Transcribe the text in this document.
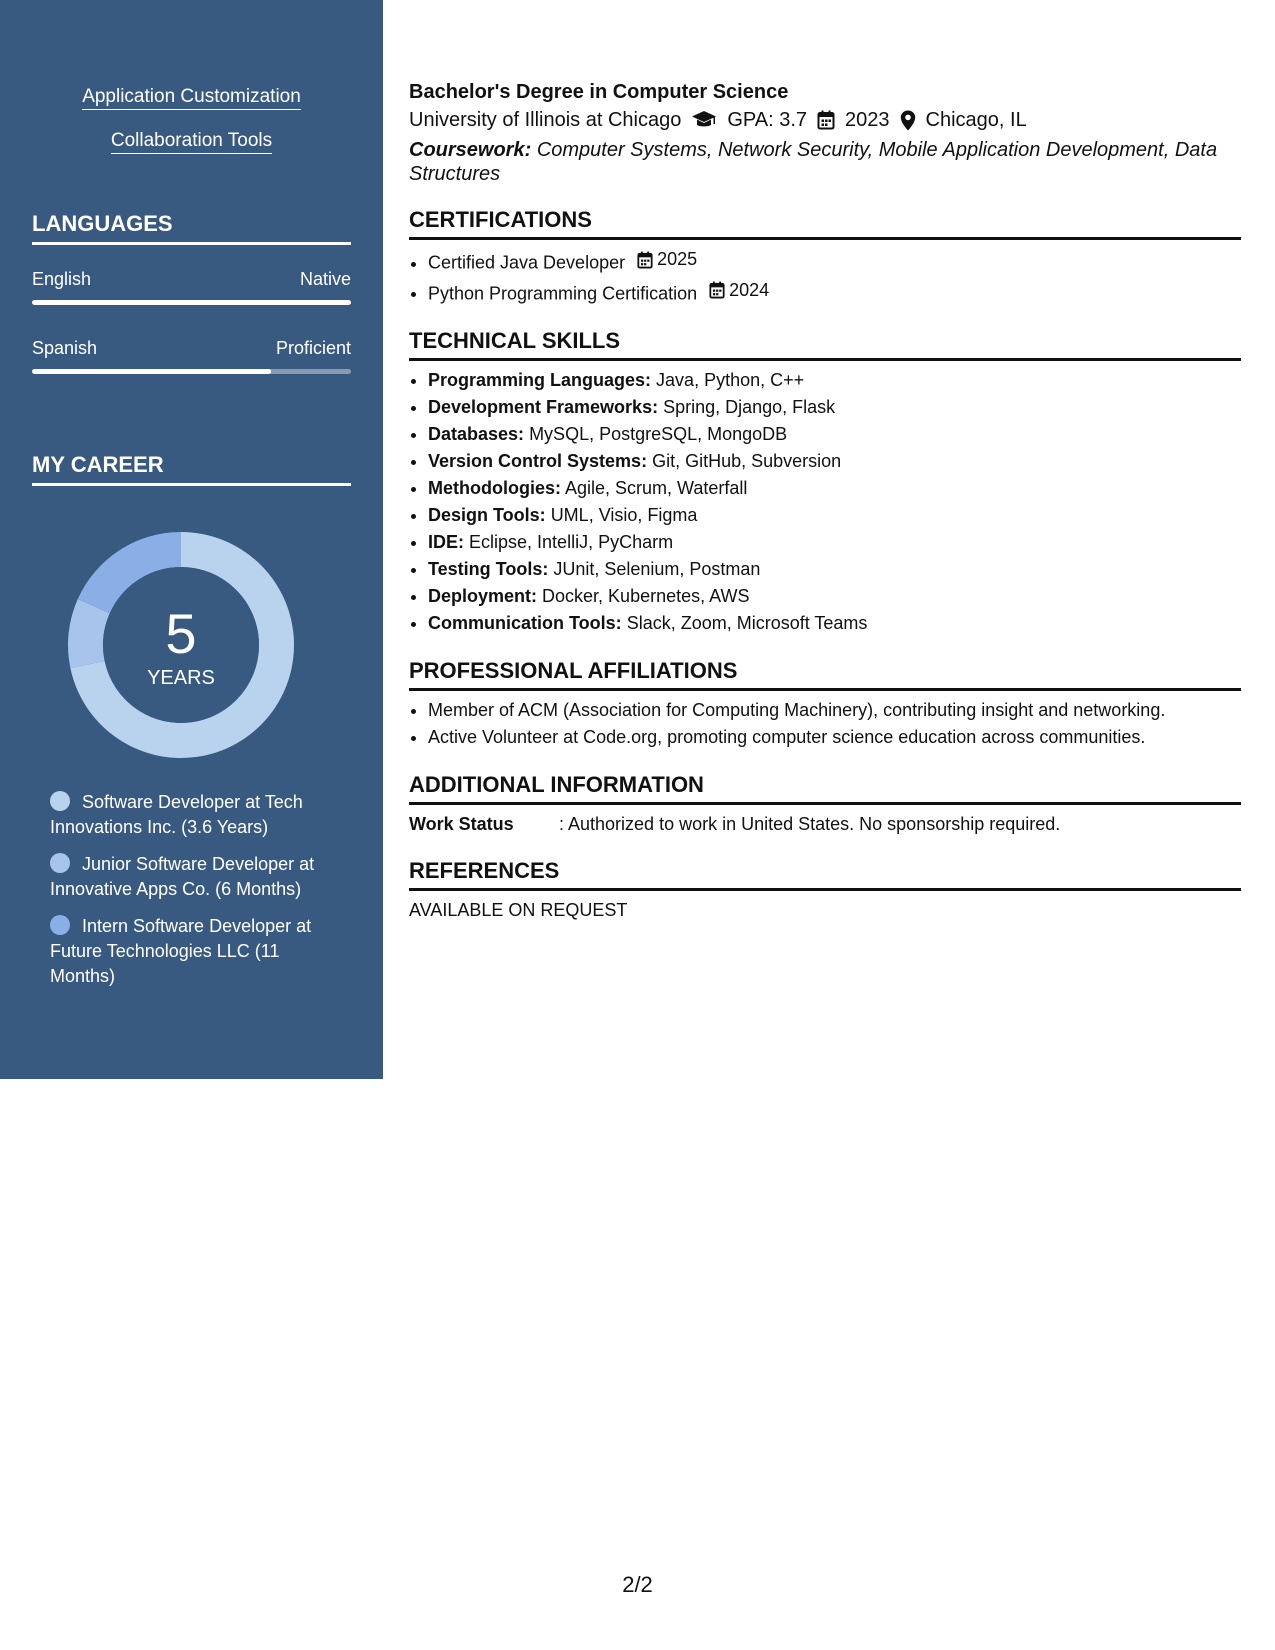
Application Customization
Collaboration Tools
LANGUAGES
English	Native
Spanish	Proficient
MY CAREER
5
YEARS
Software Developer at Tech Innovations Inc. (3.6 Years)
Junior Software Developer at Innovative Apps Co. (6 Months)
Intern Software Developer at Future Technologies LLC (11 Months)
Bachelor's Degree in Computer Science
University of Illinois at Chicago GPA: 3.7 2023 Chicago, IL
Coursework: Computer Systems, Network Security, Mobile Application Development, Data Structures
CERTIFICATIONS
• Certified Java Developer 2025
• Python Programming Certification 2024
TECHNICAL SKILLS
• Programming Languages: Java, Python, C++
• Development Frameworks: Spring, Django, Flask
• Databases: MySQL, PostgreSQL, MongoDB
• Version Control Systems: Git, GitHub, Subversion
• Methodologies: Agile, Scrum, Waterfall
• Design Tools: UML, Visio, Figma
• IDE: Eclipse, IntelliJ, PyCharm
• Testing Tools: JUnit, Selenium, Postman
• Deployment: Docker, Kubernetes, AWS
• Communication Tools: Slack, Zoom, Microsoft Teams
PROFESSIONAL AFFILIATIONS
• Member of ACM (Association for Computing Machinery), contributing insight and networking.
• Active Volunteer at Code.org, promoting computer science education across communities.
ADDITIONAL INFORMATION
Work Status	: Authorized to work in United States. No sponsorship required.
REFERENCES
AVAILABLE ON REQUEST
2/2
